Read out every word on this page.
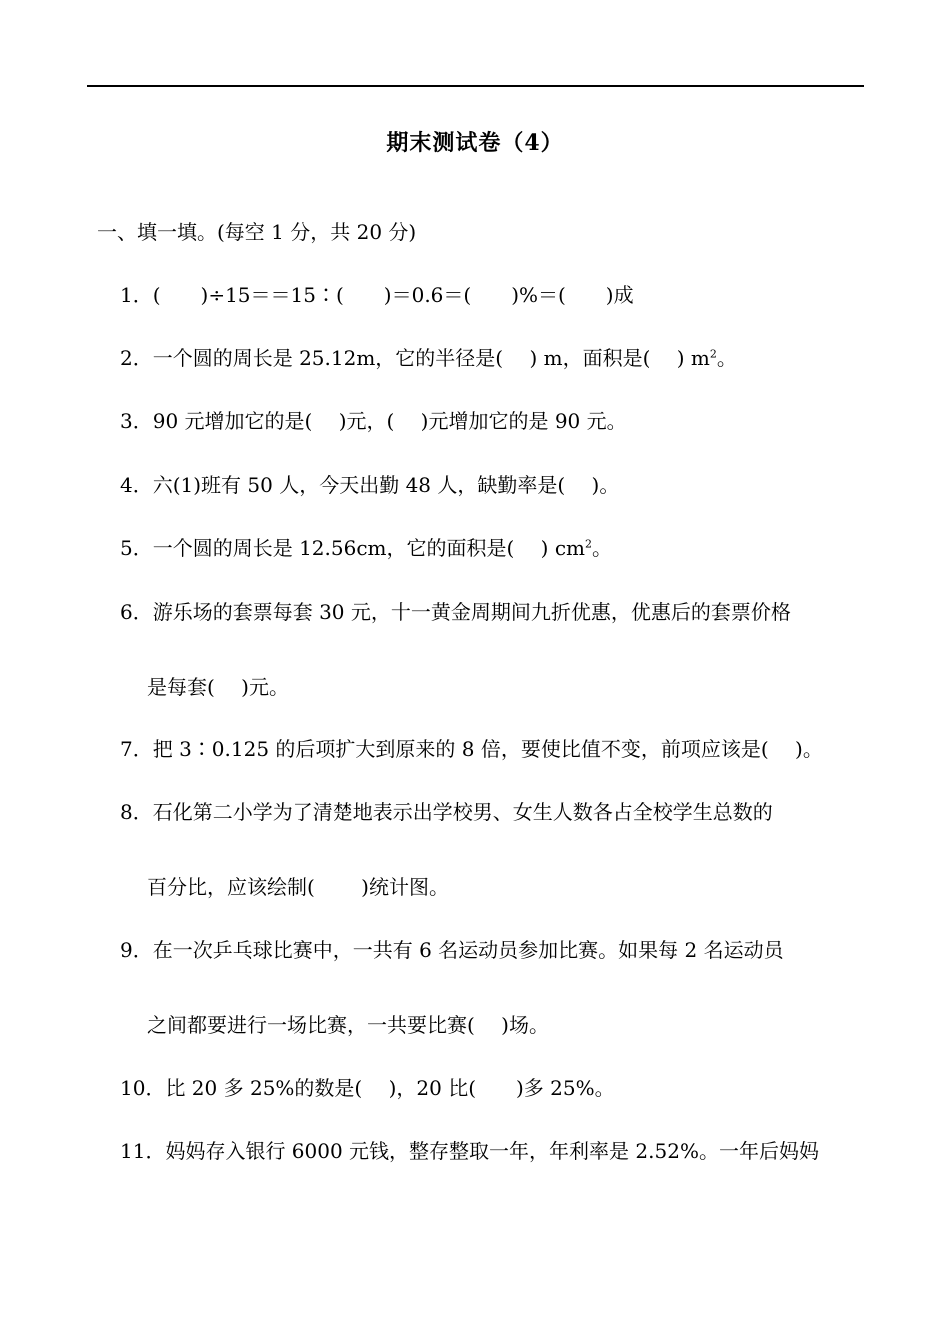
期末测试卷（4）
一、填一填。(每空 1 分，共 20 分)
1．(　　)÷15＝＝15∶(　　)＝0.6＝(　　)%＝(　　)成
2．一个圆的周长是 25.12m，它的半径是(　 ) m，面积是(　 ) $m^2$。
3．90 元增加它的是(　 )元，(　 )元增加它的是 90 元。
4．六(1)班有 50 人，今天出勤 48 人，缺勤率是(　 )。
5．一个圆的周长是 12.56cm，它的面积是(　 ) $cm^2$。
6．游乐场的套票每套 30 元，十一黄金周期间九折优惠，优惠后的套票价格
是每套(　 )元。
7．把 3∶0.125 的后项扩大到原来的 8 倍，要使比值不变，前项应该是(　 )。
8．石化第二小学为了清楚地表示出学校男、女生人数各占全校学生总数的
百分比，应该绘制(　　 )统计图。
9．在一次乒乓球比赛中，一共有 6 名运动员参加比赛。如果每 2 名运动员
之间都要进行一场比赛，一共要比赛(　 )场。
10．比 20 多 25%的数是(　 )，20 比(　　)多 25%。
11．妈妈存入银行 6000 元钱，整存整取一年，年利率是 2.52%。一年后妈妈
